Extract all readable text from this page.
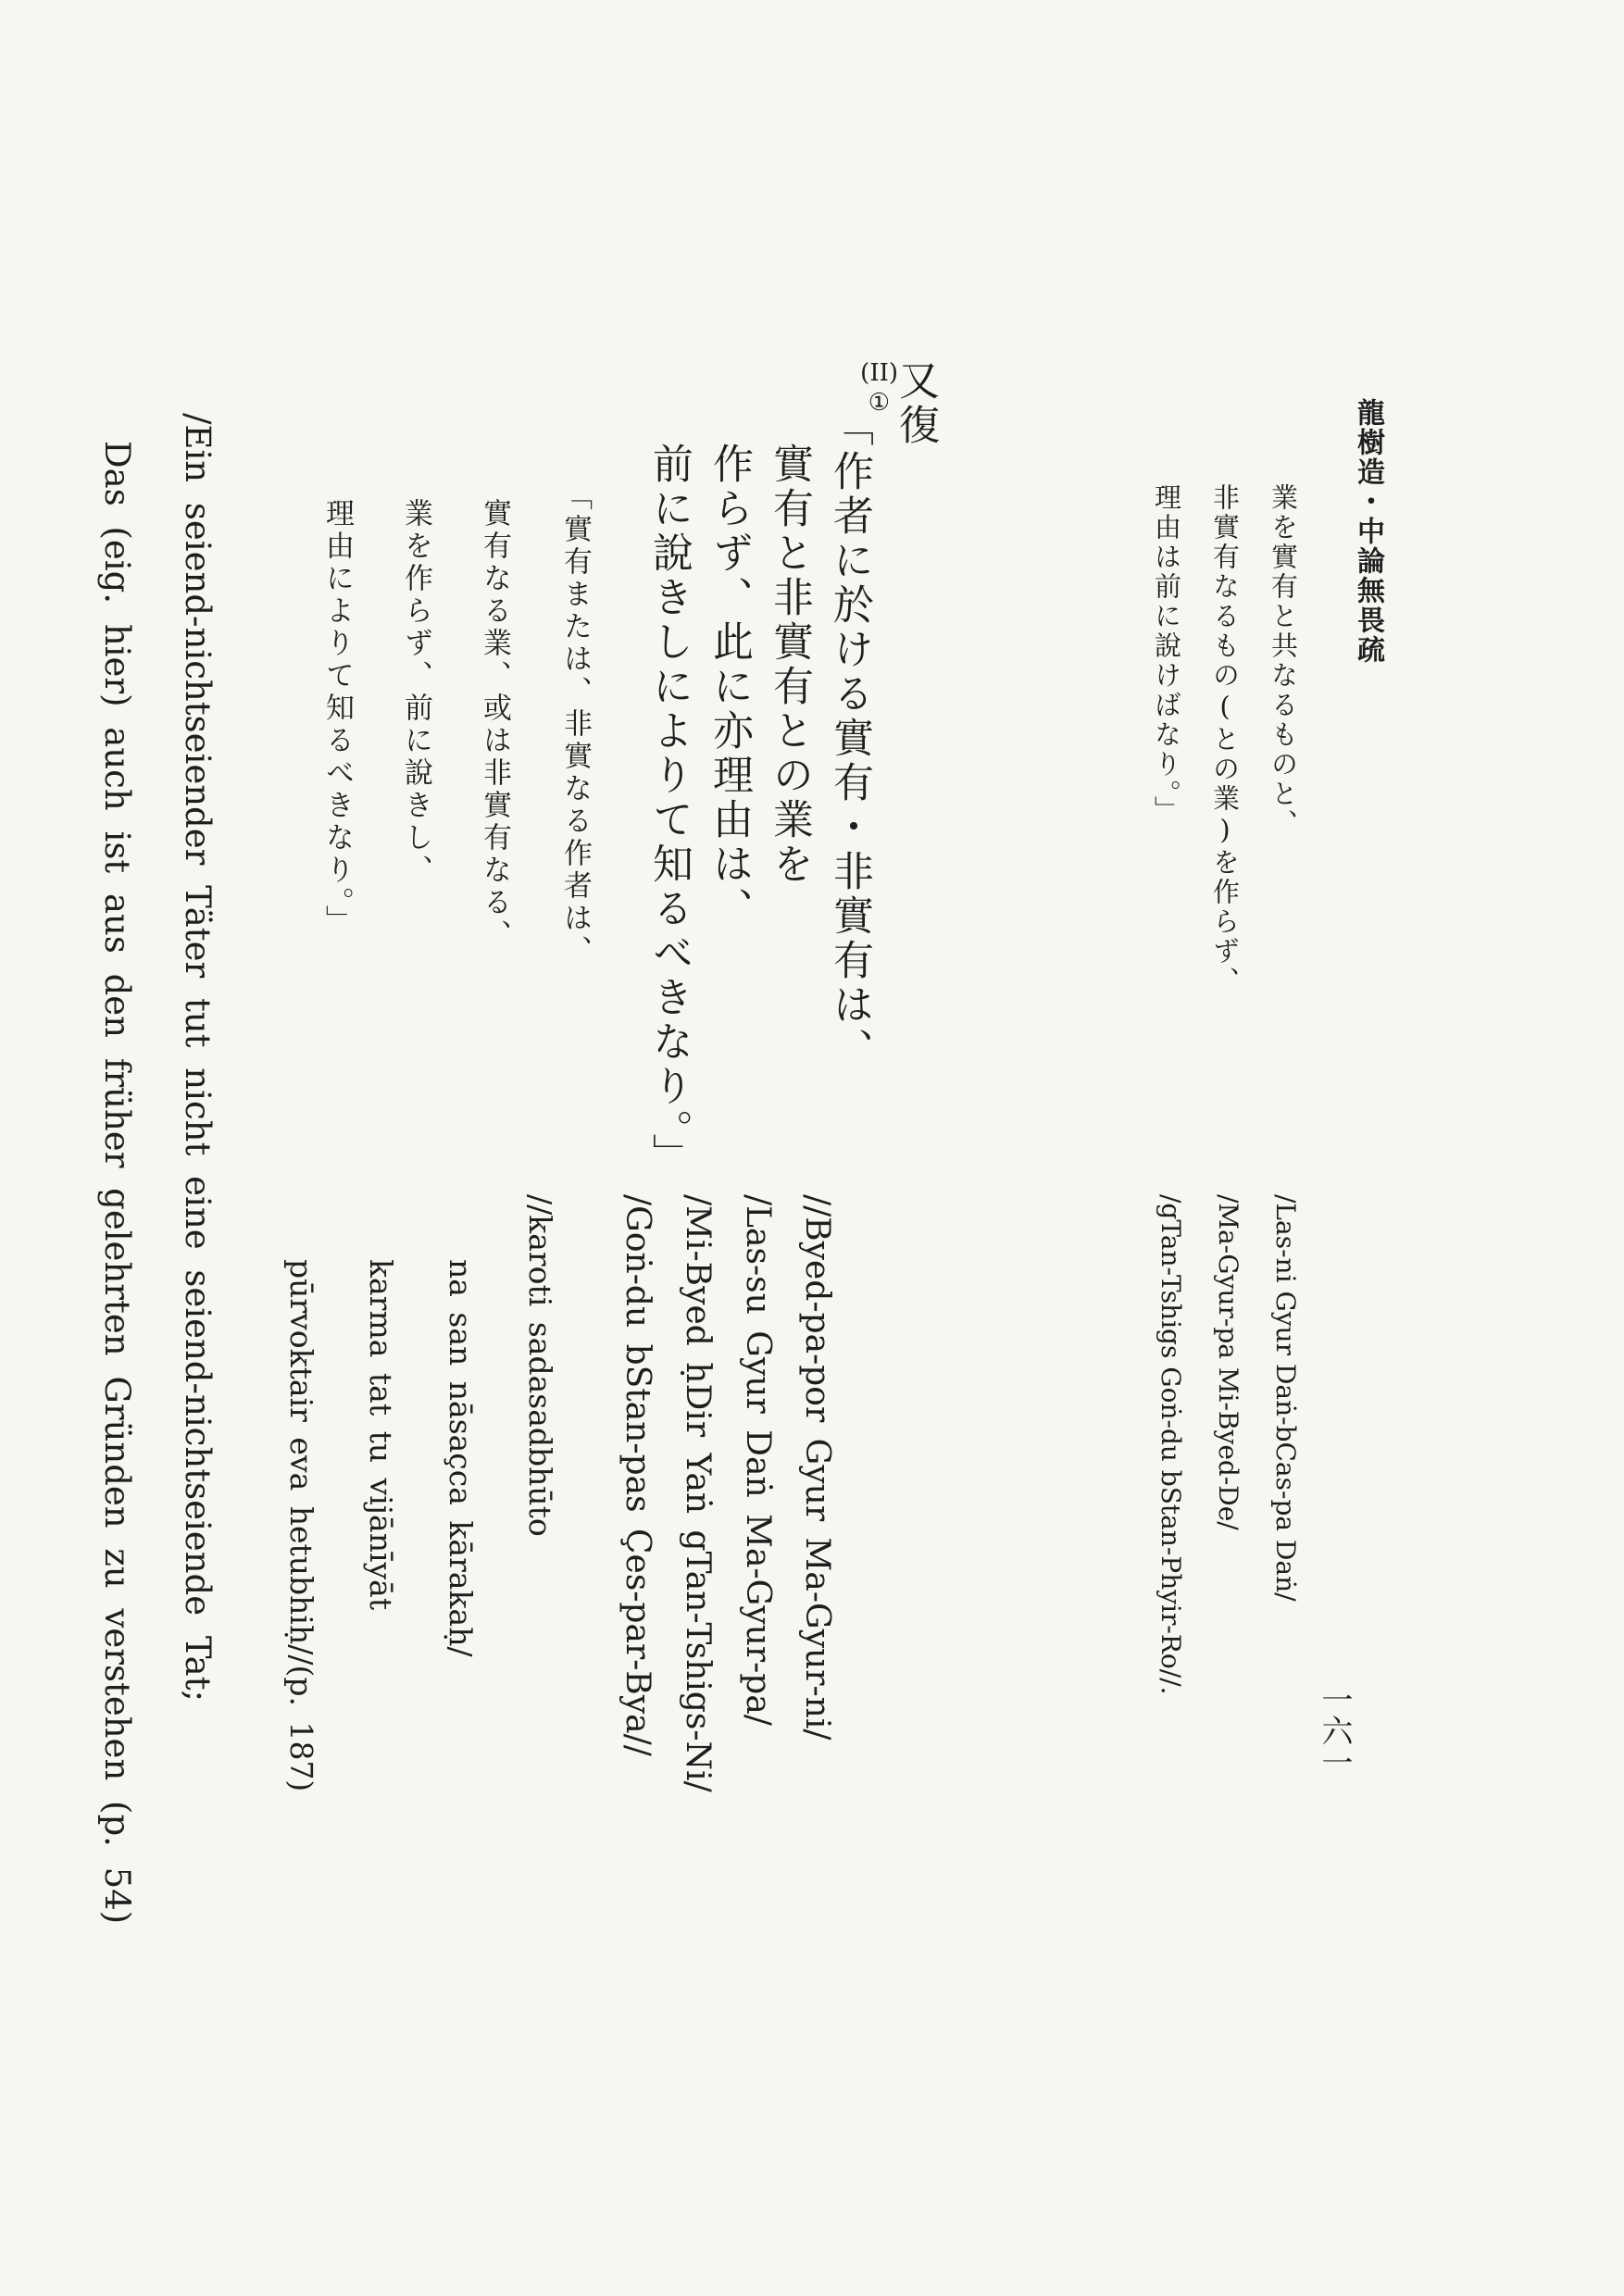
龍樹造・中論無畏疏
一六一
業を實有と共なるものと、
非實有なるもの(との業)を作らず、
理由は前に說けばなり。」
/Las-ni Gyur Daṅ-bCas-pa Daṅ/
/Ma-Gyur-pa Mi-Byed-De/
/gTan-Tshigs Goṅ-du bStan-Phyir-Ro//.
又復
(II)
①
「作者に於ける實有・非實有は、
實有と非實有との業を
作らず、此に亦理由は、
前に說きしによりて知るべきなり。」
//Byed-pa-por Gyur Ma-Gyur-ni/
/Las-su Gyur Daṅ Ma-Gyur-pa/
/Mi-Byed ḥDir Yaṅ gTan-Tshigs-Ni/
/Goṅ-du bStan-pas Çes-par-Bya//
「實有または、非實なる作者は、
實有なる業、或は非實有なる、
業を作らず、前に說きし、
理由によりて知るべきなり。」
//karoti sadasadbhūto
na san nāsaçca kārakaḥ/
karma tat tu vijānīyāt
pūrvoktair eva hetubhiḥ//(p. 187)
/Ein seiend-nichtseiender Täter tut nicht eine seiend-nichtseiende Tat;
Das (eig. hier) auch ist aus den früher gelehrten Gründen zu verstehen (p. 54)
